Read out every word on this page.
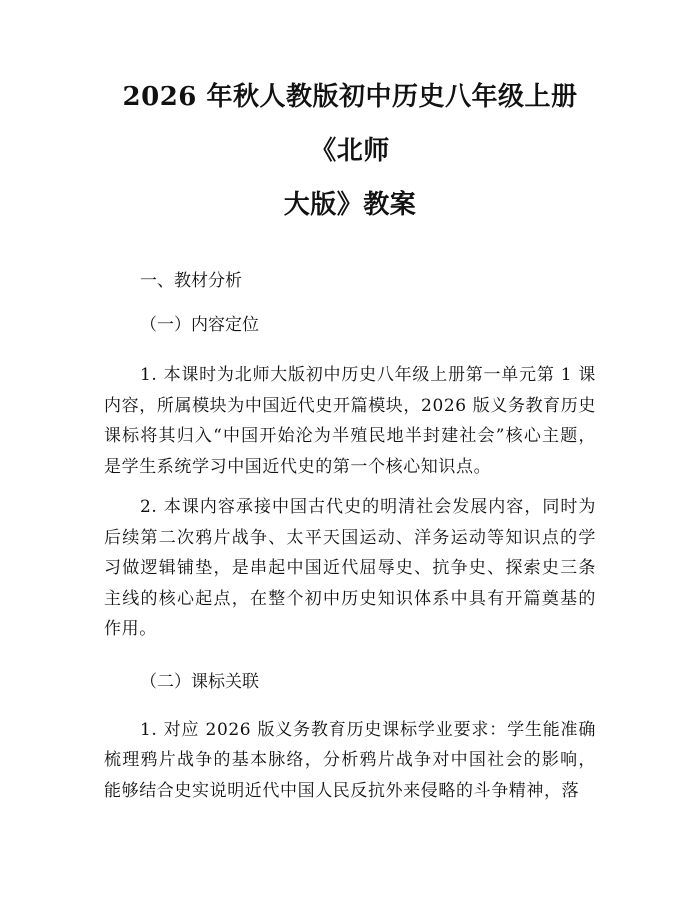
2026 年秋人教版初中历史八年级上册《北师
大版》教案
一、教材分析
（一）内容定位

1. 本课时为北师大版初中历史八年级上册第一单元第 1 课内容，所属模块为中国近代史开篇模块，2026 版义务教育历史课标将其归入“中国开始沦为半殖民地半封建社会”核心主题，是学生系统学习中国近代史的第一个核心知识点。

2. 本课内容承接中国古代史的明清社会发展内容，同时为后续第二次鸦片战争、太平天国运动、洋务运动等知识点的学习做逻辑铺垫，是串起中国近代屈辱史、抗争史、探索史三条主线的核心起点，在整个初中历史知识体系中具有开篇奠基的作用。

（二）课标关联

1. 对应 2026 版义务教育历史课标学业要求：学生能准确梳理鸦片战争的基本脉络，分析鸦片战争对中国社会的影响，能够结合史实说明近代中国人民反抗外来侵略的斗争精神，落
